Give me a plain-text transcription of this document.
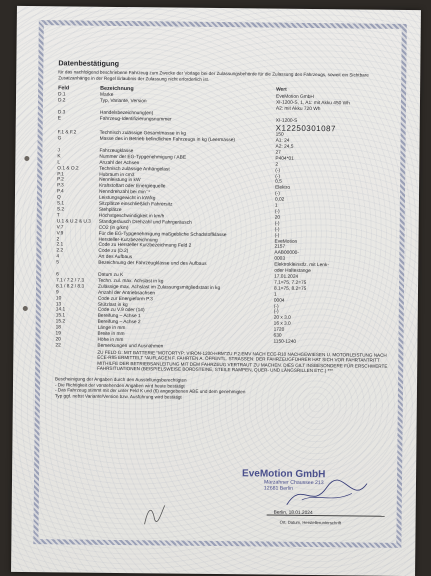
Datenbestätigung
für das nachfolgend beschriebene Fahrzeug zum Zwecke der Vorlage bei der Zulassungsbehörde für die Zulassung des Fahrzeugs, soweit ein Sichtbare Zusatzanhänge in der Regel Erlaubnis der Zulassung nicht erforderlich ist.
Feld	Bezeichnung	Wert
D.1	Marke	EveMotion GmbH
D.2	Typ, Variante, Version	XI-1200-S, 1, A1: mit Akku 450 Wh
A2: mit Akku 720 Wh
D.3	Handelsbezeichnung(en)
E	Fahrzeug-Identifizierungsnummer	XI-1200-S
X12250301087
F.1 & F.2	Technisch zulässige Gesamtmasse in kg	150
G	Masse des in Betrieb befindlichen Fahrzeugs in kg (Leermasse)	A1: 24
A2: 24,5
J	Fahrzeugklasse	27
K	Nummer der EG-Typgenehmigung / ABE	P404*01
L	Anzahl der Achsen	2
O.1 & O.2	Technisch zulässige Anhängelast	(-)
P.1	Hubraum in cm3	(-)
P.2	Nennleistung in kW	0,5
P.3	Kraftstoffart oder Energiequelle	Elektro
P.4	Nenndrehzahl bei min⁻¹	(-)
Q	Leistungsgewicht in kW/kg	0,02
S.1	Sitzplätze einschließlich Fahrersitz	1
S.2	Stehplätze	(-)
T	Höchstgeschwindigkeit in km/h	20
U.1 & U.2 & U.3	Standgeräusch Drehzahl und Fahrgeräusch	(-)
V.7	CO2 (in g/km)	(-)
V.9	Für die EG-Typgenehmigung maßgebliche Schadstoffklasse	(-)
2	Hersteller-Kurzbezeichnung	EveMotion
2.1	Code zu Hersteller Kurzbezeichnung Feld 2	2157
2.2	Code zu (D.2)	AAB00000-
4	Art des Aufbaus	0003
5	Bezeichnung der Fahrzeugklasse und des Aufbaus	Elektrokleinstfz. mit Lenk-
oder Haltestange
6	Datum zu K	17.01.2024
7.1 / 7.2 / 7.3	Techn. zul. max. Achslast in kg	7.1=75, 7.2=75
8.1 / 8.2 / 8.3	Zulässige max. Achslast im Zulassungsmitgliedstaat in kg	8.1=75, 8.2=75
9	Anzahl der Antriebsachsen	1
10	Code zur Energieform P.3	0004
13	Stützlast in kg	(-)
14.1	Code zu V.9 oder (14)	(-)
15.1	Bereifung – Achse 1	20 x 3.0
15.2	Bereifung – Achse 2	16 x 3.0
18	Länge in mm	1720
19	Breite in mm	630
20	Höhe in mm	1150-1240
22	Bemerkungen und Ausnahmen
ZU FELD G: MIT BATTERIE "MOTORTYP: VIRON-1200-HRM"ZU P.2:EMV NACH ECE-R10 NACHGEWIESEN U. MOTORLEISTUNG NACH ECE-R85 ERMITTELT *AUFLAGEN F. FAHRTEN A. ÖFFENTL. STRASSEN: DER FAHRZEUGFÜHRER HAT SICH VOR FAHRTANTRITT MITHILFE DER BETRIEBSANLEITUNG MIT DEM FAHRZEUG VERTRAUT ZU MACHEN. DIES GILT INSBESONDERE FÜR ERSCHWERTE FAHRSITUATIONEN (BEISPIELSWEISE BORDSTEINE, STEILE RAMPEN, QUER- UND LÄNGSRILLEN ETC.) ***
Bescheinigung der Angaben durch den Ausstellungsberechtigten
- Die Richtigkeit der vorstehenden Angaben wird heute bestätigt
- Das Fahrzeug stimmt mit der unter Feld K und (6) angegebenen ABE und dem genehmigten
Typ ggf. nebst Variante/Version bzw. Ausführung wird bestätigt
EveMotion GmbH
Marzahner Chaussee 213
12681 Berlin
Berlin, 18.01.2024
Ort, Datum, Herstellerunterschrift
